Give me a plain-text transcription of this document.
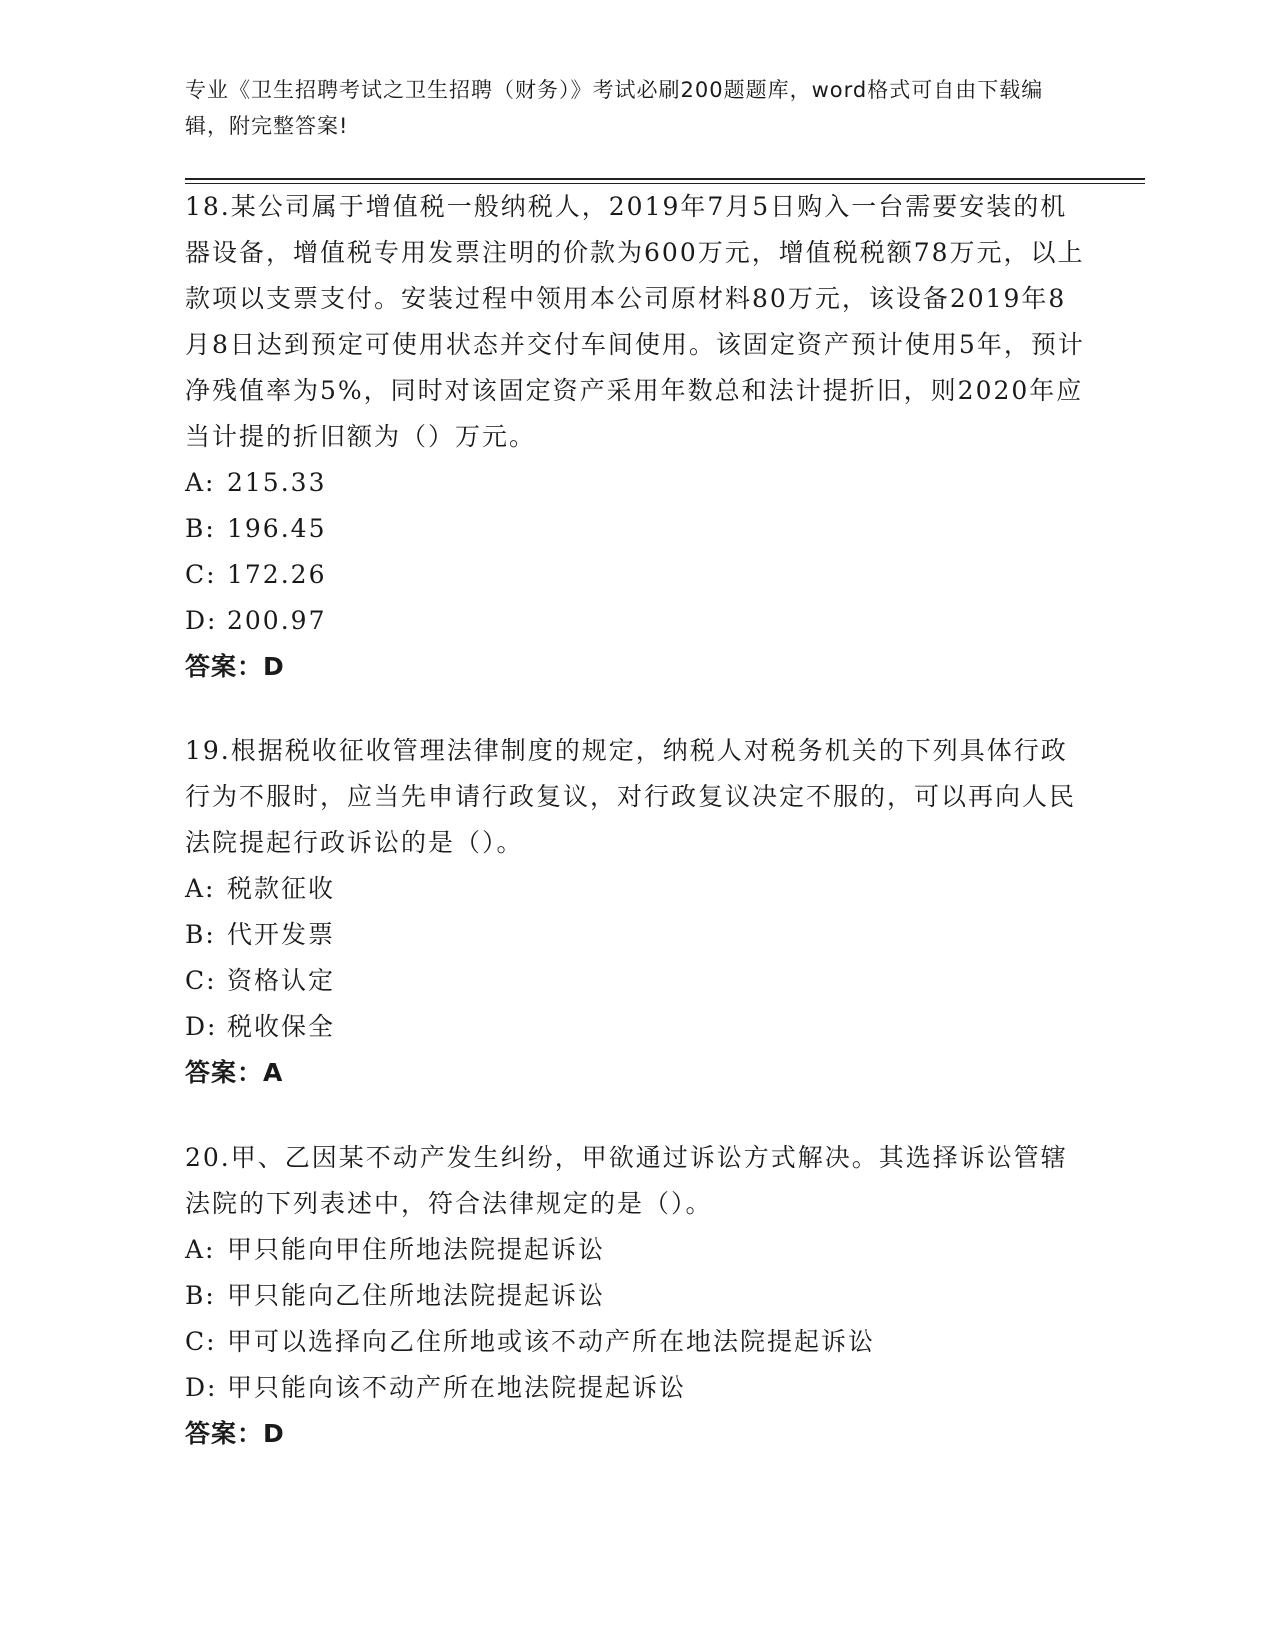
专业《卫生招聘考试之卫生招聘（财务）》考试必刷200题题库，word格式可自由下载编辑，附完整答案!

18.某公司属于增值税一般纳税人，2019年7月5日购入一台需要安装的机器设备，增值税专用发票注明的价款为600万元，增值税税额78万元，以上款项以支票支付。安装过程中领用本公司原材料80万元，该设备2019年8月8日达到预定可使用状态并交付车间使用。该固定资产预计使用5年，预计净残值率为5%，同时对该固定资产采用年数总和法计提折旧，则2020年应当计提的折旧额为（）万元。

A: 215.33

B: 196.45

C: 172.26

D: 200.97

答案：D

19.根据税收征收管理法律制度的规定，纳税人对税务机关的下列具体行政行为不服时，应当先申请行政复议，对行政复议决定不服的，可以再向人民法院提起行政诉讼的是（）。

A: 税款征收

B: 代开发票

C: 资格认定

D: 税收保全

答案：A

20.甲、乙因某不动产发生纠纷，甲欲通过诉讼方式解决。其选择诉讼管辖法院的下列表述中，符合法律规定的是（）。

A: 甲只能向甲住所地法院提起诉讼

B: 甲只能向乙住所地法院提起诉讼

C: 甲可以选择向乙住所地或该不动产所在地法院提起诉讼

D: 甲只能向该不动产所在地法院提起诉讼

答案：D
